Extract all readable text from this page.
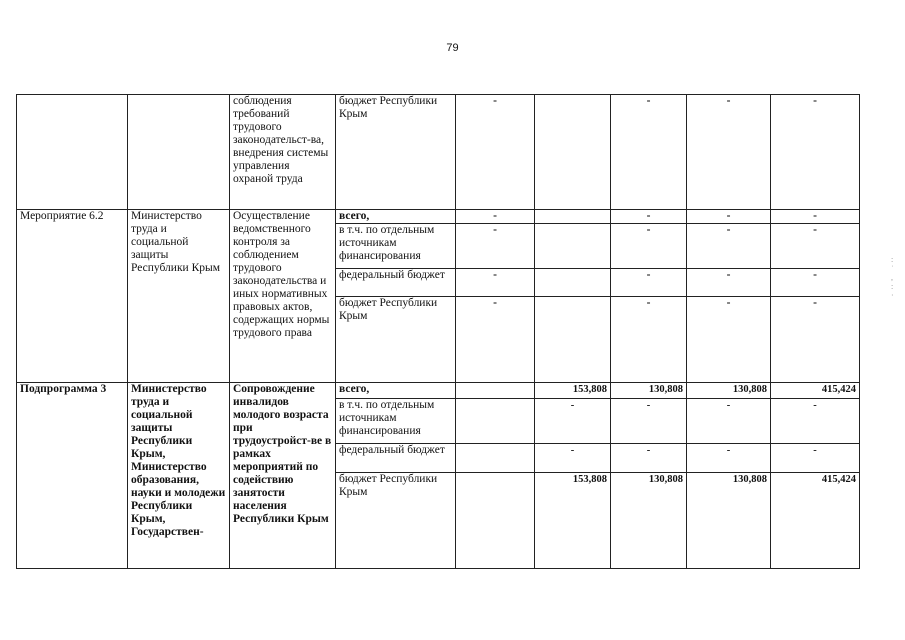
79
		соблюдения требований трудового законодательст-ва, внедрения системы управления охраной труда	бюджет Республики Крым	-		-	-	-
Мероприятие 6.2	Министерство труда и социальной защиты Республики Крым	Осуществление ведомственного контроля за соблюдением трудового законодательства и иных нормативных правовых актов, содержащих нормы трудового права	всего,	-		-	-	-
			в т.ч. по отдельным источникам финансирования	-		-	-	-
			федеральный бюджет	-		-	-	-
			бюджет Республики Крым	-		-	-	-
Подпрограмма 3	Министерство труда и социальной защиты Республики Крым, Министерство образования, науки и молодежи Республики Крым, Государствен-	Сопровождение инвалидов молодого возраста при трудоустройст-ве в рамках мероприятий по содействию занятости населения Республики Крым	всего,		153,808	130,808	130,808	415,424
			в т.ч. по отдельным источникам финансирования		-	-	-	-
			федеральный бюджет		-	-	-	-
			бюджет Республики Крым		153,808	130,808	130,808	415,424
: ˙ , : ·
